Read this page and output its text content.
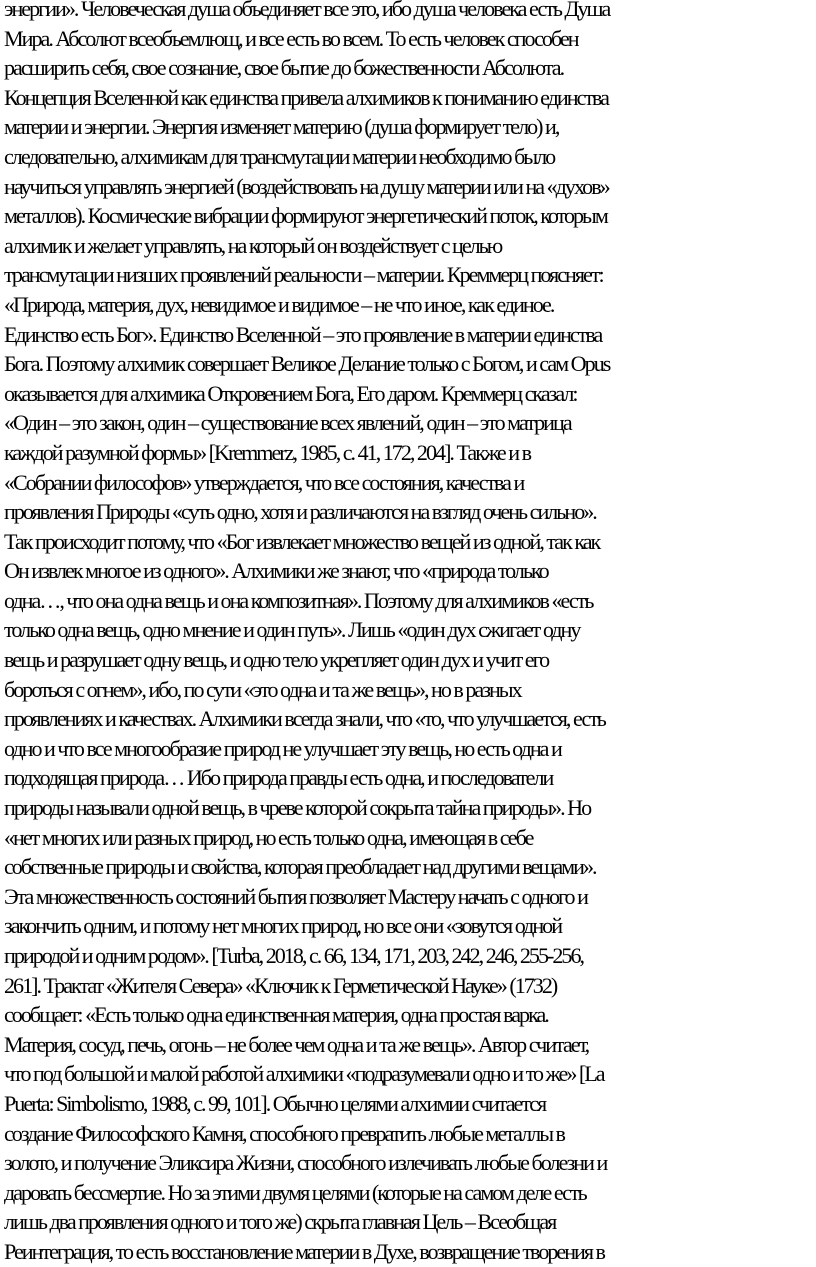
энергии». Человеческая душа объединяет все это, ибо душа человека есть Душа
Мира. Абсолют всеобъемлющ, и все есть во всем. То есть человек способен
расширить себя, свое сознание, свое бытие до божественности Абсолюта.
Концепция Вселенной как единства привела алхимиков к пониманию единства
материи и энергии. Энергия изменяет материю (душа формирует тело) и,
следовательно, алхимикам для трансмутации материи необходимо было
научиться управлять энергией (воздействовать на душу материи или на «духов»
металлов). Космические вибрации формируют энергетический поток, которым
алхимик и желает управлять, на который он воздействует с целью
трансмутации низших проявлений реальности – материи. Креммерц поясняет:
«Природа, материя, дух, невидимое и видимое – не что иное, как единое.
Единство есть Бог». Единство Вселенной – это проявление в материи единства
Бога. Поэтому алхимик совершает Великое Делание только с Богом, и сам Opus
оказывается для алхимика Откровением Бога, Его даром. Креммерц сказал:
«Один – это закон, один – существование всех явлений, один – это матрица
каждой разумной формы» [Kremmerz, 1985, с. 41, 172, 204]. Также и в
«Собрании философов» утверждается, что все состояния, качества и
проявления Природы «суть одно, хотя и различаются на взгляд очень сильно».
Так происходит потому, что «Бог извлекает множество вещей из одной, так как
Он извлек многое из одного». Алхимики же знают, что «природа только
одна…, что она одна вещь и она композитная». Поэтому для алхимиков «есть
только одна вещь, одно мнение и один путь». Лишь «один дух сжигает одну
вещь и разрушает одну вещь, и одно тело укрепляет один дух и учит его
бороться с огнем», ибо, по сути «это одна и та же вещь», но в разных
проявлениях и качествах. Алхимики всегда знали, что «то, что улучшается, есть
одно и что все многообразие природ не улучшает эту вещь, но есть одна и
подходящая природа… Ибо природа правды есть одна, и последователи
природы называли одной вещь, в чреве которой сокрыта тайна природы». Но
«нет многих или разных природ, но есть только одна, имеющая в себе
собственные природы и свойства, которая преобладает над другими вещами».
Эта множественность состояний бытия позволяет Мастеру начать с одного и
закончить одним, и потому нет многих природ, но все они «зовутся одной
природой и одним родом». [Turba, 2018, с. 66, 134, 171, 203, 242, 246, 255-256,
261]. Трактат «Жителя Севера» «Ключик к Герметической Науке» (1732)
сообщает: «Есть только одна единственная материя, одна простая варка.
Материя, сосуд, печь, огонь – не более чем одна и та же вещь». Автор считает,
что под большой и малой работой алхимики «подразумевали одно и то же» [La
Puerta: Simbolismo, 1988, с. 99, 101]. Обычно целями алхимии считается
создание Философского Камня, способного превратить любые металлы в
золото, и получение Эликсира Жизни, способного излечивать любые болезни и
даровать бессмертие. Но за этими двумя целями (которые на самом деле есть
лишь два проявления одного и того же) скрыта главная Цель – Всеобщая
Реинтеграция, то есть восстановление материи в Духе, возвращение творения в
